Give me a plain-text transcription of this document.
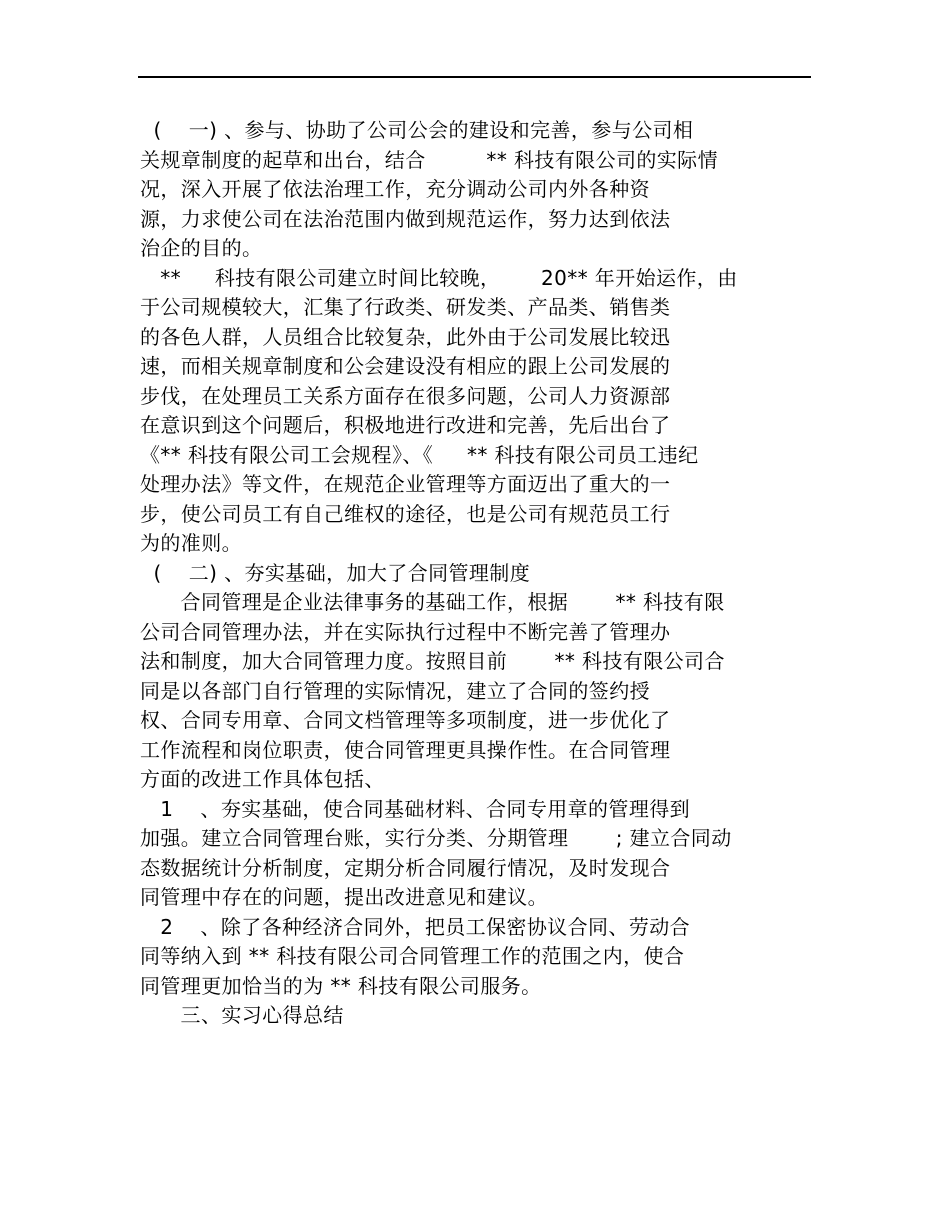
(    一) 、参与、协助了公司公会的建设和完善，参与公司相
关规章制度的起草和出台，结合         ** 科技有限公司的实际情
况，深入开展了依法治理工作，充分调动公司内外各种资
源，力求使公司在法治范围内做到规范运作，努力达到依法
治企的目的。
**     科技有限公司建立时间比较晚，      20** 年开始运作，由
于公司规模较大，汇集了行政类、研发类、产品类、销售类
的各色人群，人员组合比较复杂，此外由于公司发展比较迅
速，而相关规章制度和公会建设没有相应的跟上公司发展的
步伐，在处理员工关系方面存在很多问题，公司人力资源部
在意识到这个问题后，积极地进行改进和完善，先后出台了
《** 科技有限公司工会规程》、《     ** 科技有限公司员工违纪
处理办法》等文件，在规范企业管理等方面迈出了重大的一
步，使公司员工有自己维权的途径，也是公司有规范员工行
为的准则。
(    二) 、夯实基础，加大了合同管理制度
合同管理是企业法律事务的基础工作，根据       ** 科技有限
公司合同管理办法，并在实际执行过程中不断完善了管理办
法和制度，加大合同管理力度。按照目前       ** 科技有限公司合
同是以各部门自行管理的实际情况，建立了合同的签约授
权、合同专用章、合同文档管理等多项制度，进一步优化了
工作流程和岗位职责，使合同管理更具操作性。在合同管理
方面的改进工作具体包括、
1    、夯实基础，使合同基础材料、合同专用章的管理得到
加强。建立合同管理台账，实行分类、分期管理       ; 建立合同动
态数据统计分析制度，定期分析合同履行情况，及时发现合
同管理中存在的问题，提出改进意见和建议。
2    、除了各种经济合同外，把员工保密协议合同、劳动合
同等纳入到 ** 科技有限公司合同管理工作的范围之内，使合
同管理更加恰当的为 ** 科技有限公司服务。
三、实习心得总结
